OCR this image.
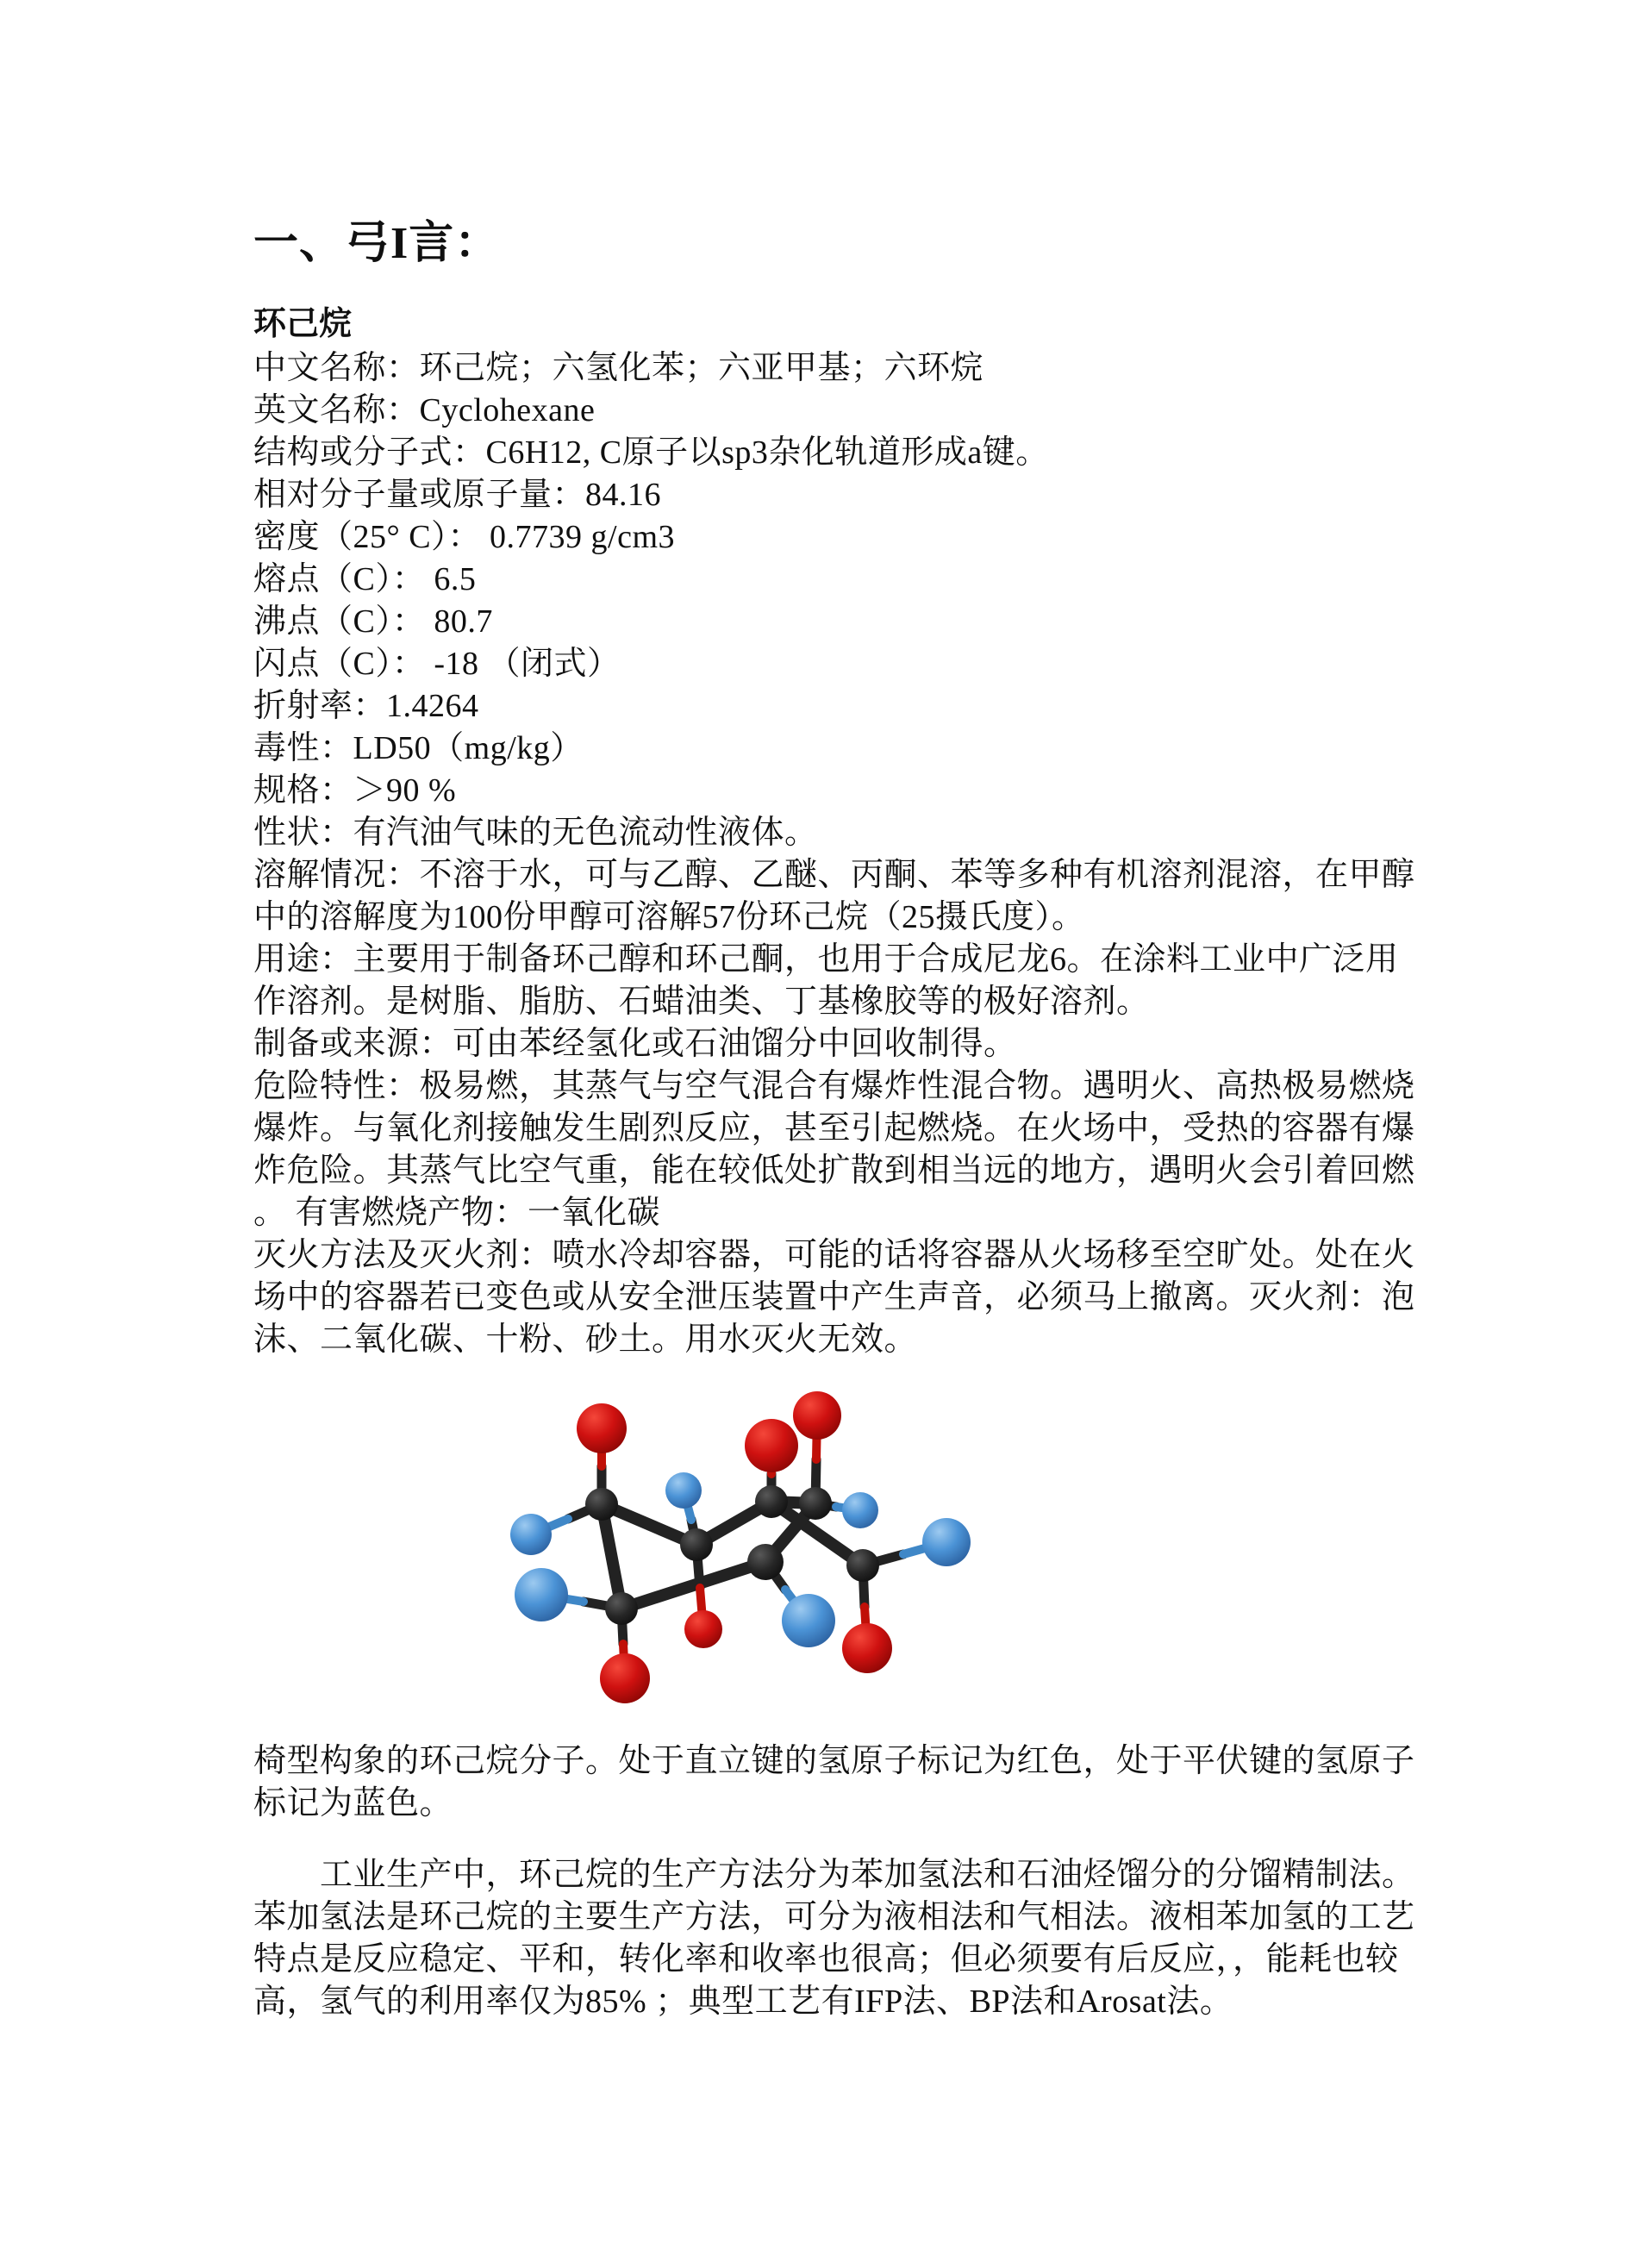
一、弓I言：
环己烷
中文名称：环己烷；六氢化苯；六亚甲基；六环烷
英文名称：Cyclohexane
结构或分子式：C6H12, C原子以sp3杂化轨道形成a键。
相对分子量或原子量：84.16
密度（25° C）： 0.7739 g/cm3
熔点（C）： 6.5
沸点（C）： 80.7
闪点（C）： -18 （闭式）
折射率：1.4264
毒性：LD50（mg/kg）
规格：＞90 %
性状：有汽油气味的无色流动性液体。
溶解情况：不溶于水，可与乙醇、乙醚、丙酮、苯等多种有机溶剂混溶，在甲醇
中的溶解度为100份甲醇可溶解57份环己烷（25摄氏度）。
用途：主要用于制备环己醇和环己酮，也用于合成尼龙6。在涂料工业中广泛用
作溶剂。是树脂、脂肪、石蜡油类、丁基橡胶等的极好溶剂。
制备或来源：可由苯经氢化或石油馏分中回收制得。
危险特性：极易燃，其蒸气与空气混合有爆炸性混合物。遇明火、高热极易燃烧
爆炸。与氧化剂接触发生剧烈反应，甚至引起燃烧。在火场中，受热的容器有爆
炸危险。其蒸气比空气重，能在较低处扩散到相当远的地方，遇明火会引着回燃
。 有害燃烧产物：一氧化碳
灭火方法及灭火剂：喷水冷却容器，可能的话将容器从火场移至空旷处。处在火
场中的容器若已变色或从安全泄压装置中产生声音，必须马上撤离。灭火剂：泡
沫、二氧化碳、十粉、砂土。用水灭火无效。
椅型构象的环己烷分子。处于直立键的氢原子标记为红色，处于平伏键的氢原子
标记为蓝色。
　　工业生产中，环己烷的生产方法分为苯加氢法和石油烃馏分的分馏精制法。
苯加氢法是环己烷的主要生产方法，可分为液相法和气相法。液相苯加氢的工艺
特点是反应稳定、平和，转化率和收率也很高；但必须要有后反应，，能耗也较
高，氢气的利用率仅为85% ；典型工艺有IFP法、BP法和Arosat法。
